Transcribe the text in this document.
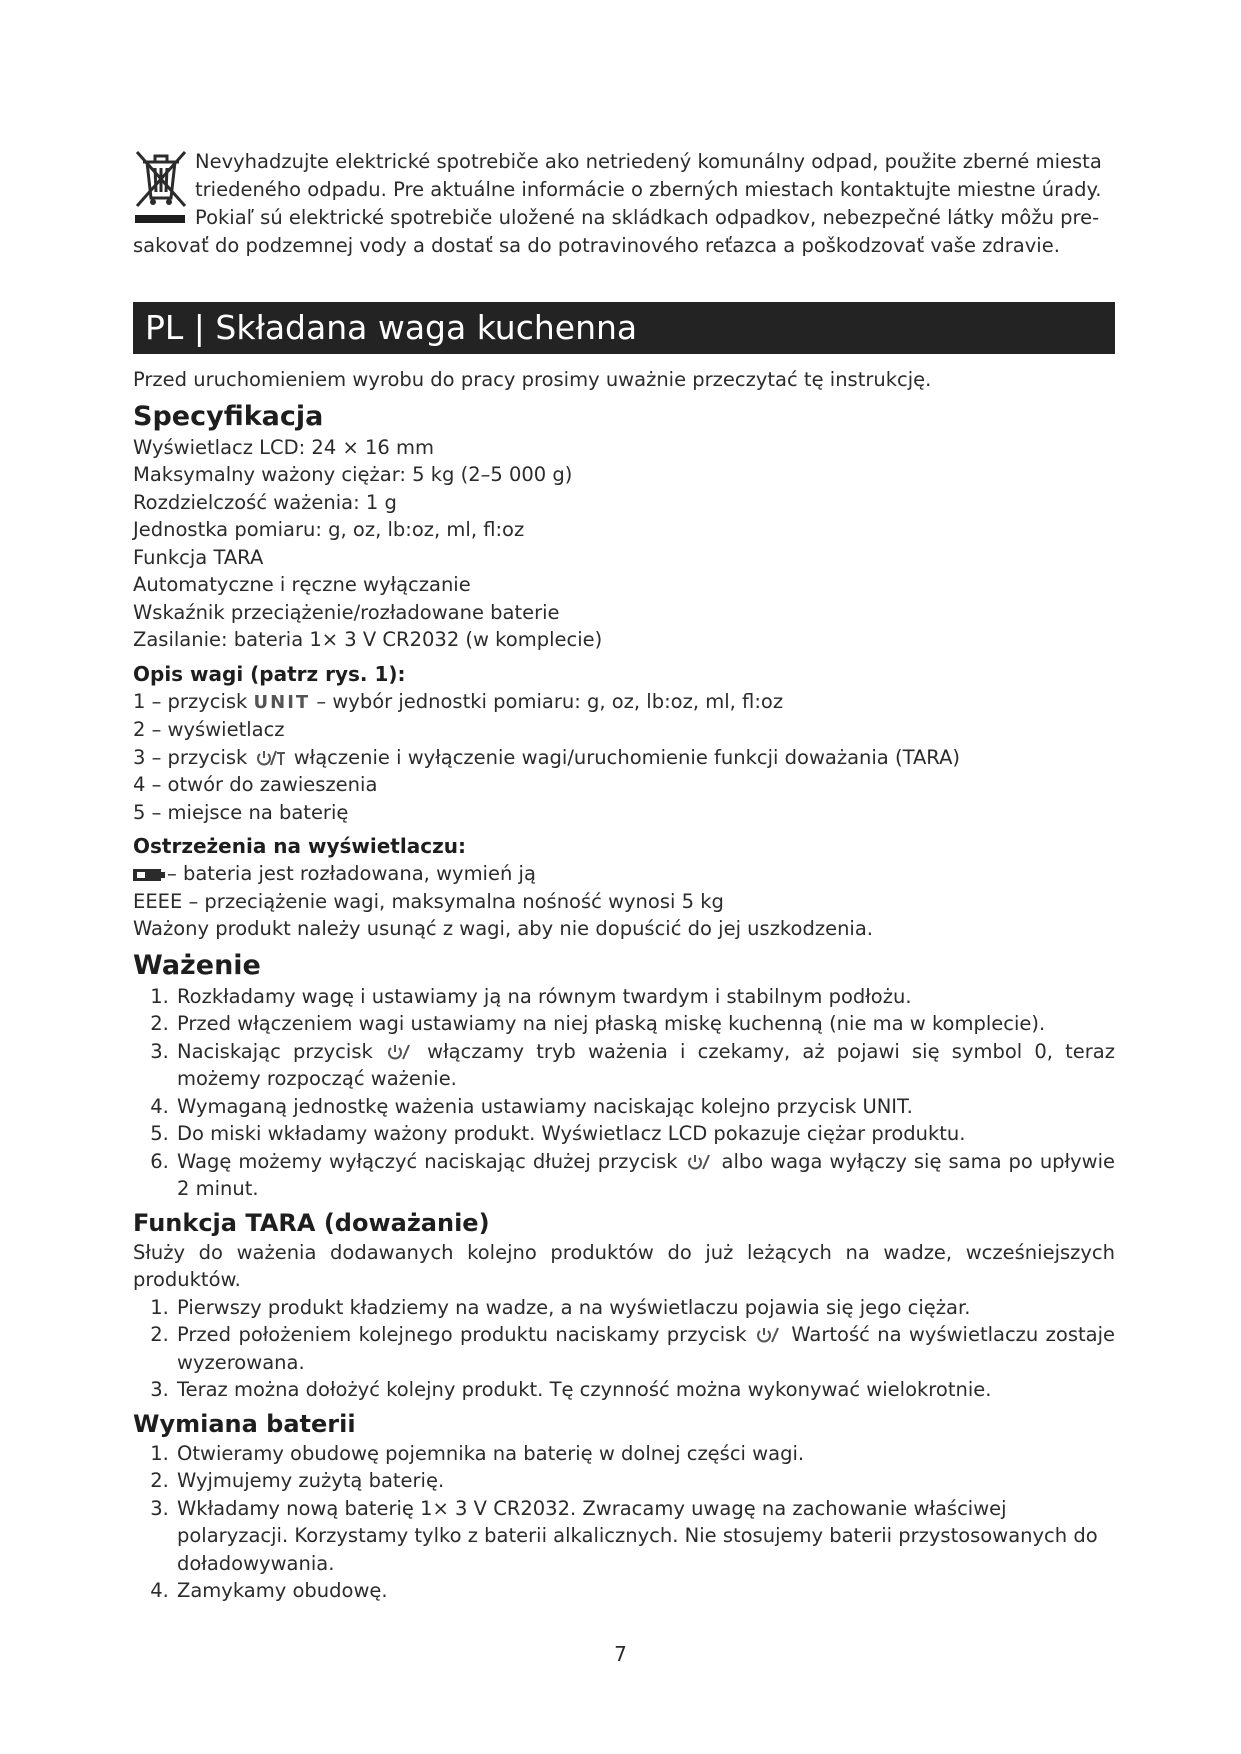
Nevyhadzujte elektrické spotrebiče ako netriedený komunálny odpad, použite zberné miesta
triedeného odpadu. Pre aktuálne informácie o zberných miestach kontaktujte miestne úrady.
Pokiaľ sú elektrické spotrebiče uložené na skládkach odpadkov, nebezpečné látky môžu pre-
sakovať do podzemnej vody a dostať sa do potravinového reťazca a poškodzovať vaše zdravie.

PL | Składana waga kuchenna

Przed uruchomieniem wyrobu do pracy prosimy uważnie przeczytać tę instrukcję.

Specyfikacja

Wyświetlacz LCD: 24 × 16 mm

Maksymalny ważony ciężar: 5 kg (2–5 000 g)

Rozdzielczość ważenia: 1 g

Jednostka pomiaru: g, oz, lb:oz, ml, fl:oz

Funkcja TARA

Automatyczne i ręczne wyłączanie

Wskaźnik przeciążenie/rozładowane baterie

Zasilanie: bateria 1× 3 V CR2032 (w komplecie)

Opis wagi (patrz rys. 1):

1 – przycisk UNIT – wybór jednostki pomiaru: g, oz, lb:oz, ml, fl:oz

2 – wyświetlacz

3 – przycisk włączenie i wyłączenie wagi/uruchomienie funkcji doważania (TARA)

4 – otwór do zawieszenia

5 – miejsce na baterię

Ostrzeżenia na wyświetlaczu:

– bateria jest rozładowana, wymień ją

EEEE – przeciążenie wagi, maksymalna nośność wynosi 5 kg

Ważony produkt należy usunąć z wagi, aby nie dopuścić do jej uszkodzenia.

Ważenie
1. Rozkładamy wagę i ustawiamy ją na równym twardym i stabilnym podłożu.
2. Przed włączeniem wagi ustawiamy na niej płaską miskę kuchenną (nie ma w komplecie).
3. Naciskając przycisk	włączamy tryb ważenia i czekamy, aż pojawi się symbol 0, teraz możemy rozpocząć ważenie.
4. Wymaganą jednostkę ważenia ustawiamy naciskając kolejno przycisk UNIT.
5. Do miski wkładamy ważony produkt. Wyświetlacz LCD pokazuje ciężar produktu.
6. Wagę możemy wyłączyć naciskając dłużej przycisk albo waga wyłączy się sama po upływie 2 minut.
Funkcja TARA (doważanie)

Służy do ważenia dodawanych kolejno produktów do już leżących na wadze, wcześniejszych produktów.

1. Pierwszy produkt kładziemy na wadze, a na wyświetlaczu pojawia się jego ciężar.
2. Przed położeniem kolejnego produktu naciskamy przycisk Wartość na wyświetlaczu zostaje wyzerowana.
3. Teraz można dołożyć kolejny produkt. Tę czynność można wykonywać wielokrotnie.
Wymiana baterii
1. Otwieramy obudowę pojemnika na baterię w dolnej części wagi.
2. Wyjmujemy zużytą baterię.
3. Wkładamy nową baterię 1× 3 V CR2032. Zwracamy uwagę na zachowanie właściwej polaryzacji. Korzystamy tylko z baterii alkalicznych. Nie stosujemy baterii przystosowanych do doładowywania.
4. Zamykamy obudowę.
7
